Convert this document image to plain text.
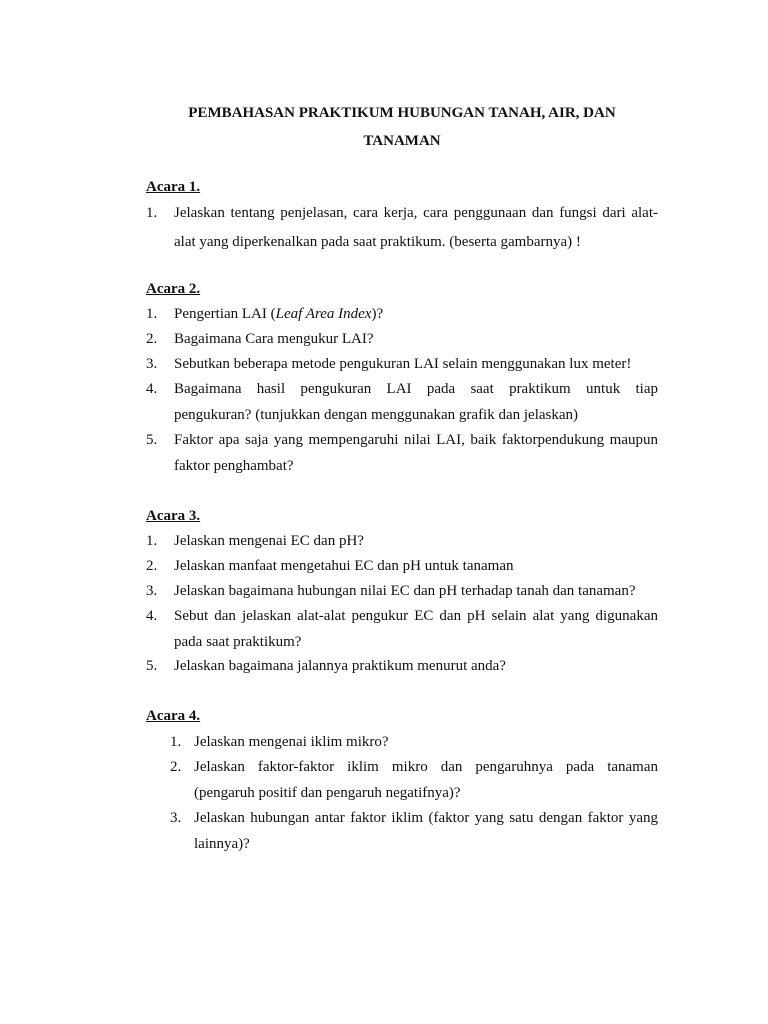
PEMBAHASAN PRAKTIKUM HUBUNGAN TANAH, AIR, DAN
TANAMAN
Acara 1.
1. Jelaskan tentang penjelasan, cara kerja, cara penggunaan dan fungsi dari alat-
alat yang diperkenalkan pada saat praktikum. (beserta gambarnya) !
Acara 2.
1. Pengertian LAI (Leaf Area Index)?
2. Bagaimana Cara mengukur LAI?
3. Sebutkan beberapa metode pengukuran LAI selain menggunakan lux meter!
4. Bagaimana hasil pengukuran LAI pada saat praktikum untuk tiap
pengukuran? (tunjukkan dengan menggunakan grafik dan jelaskan)
5. Faktor apa saja yang mempengaruhi nilai LAI, baik faktorpendukung maupun
faktor penghambat?
Acara 3.
1. Jelaskan mengenai EC dan pH?
2. Jelaskan manfaat mengetahui EC dan pH untuk tanaman
3. Jelaskan bagaimana hubungan nilai EC dan pH terhadap tanah dan tanaman?
4. Sebut dan jelaskan alat-alat pengukur EC dan pH selain alat yang digunakan
pada saat praktikum?
5. Jelaskan bagaimana jalannya praktikum menurut anda?
Acara 4.
1. Jelaskan mengenai iklim mikro?
2. Jelaskan faktor-faktor iklim mikro dan pengaruhnya pada tanaman
(pengaruh positif dan pengaruh negatifnya)?
3. Jelaskan hubungan antar faktor iklim (faktor yang satu dengan faktor yang
lainnya)?
